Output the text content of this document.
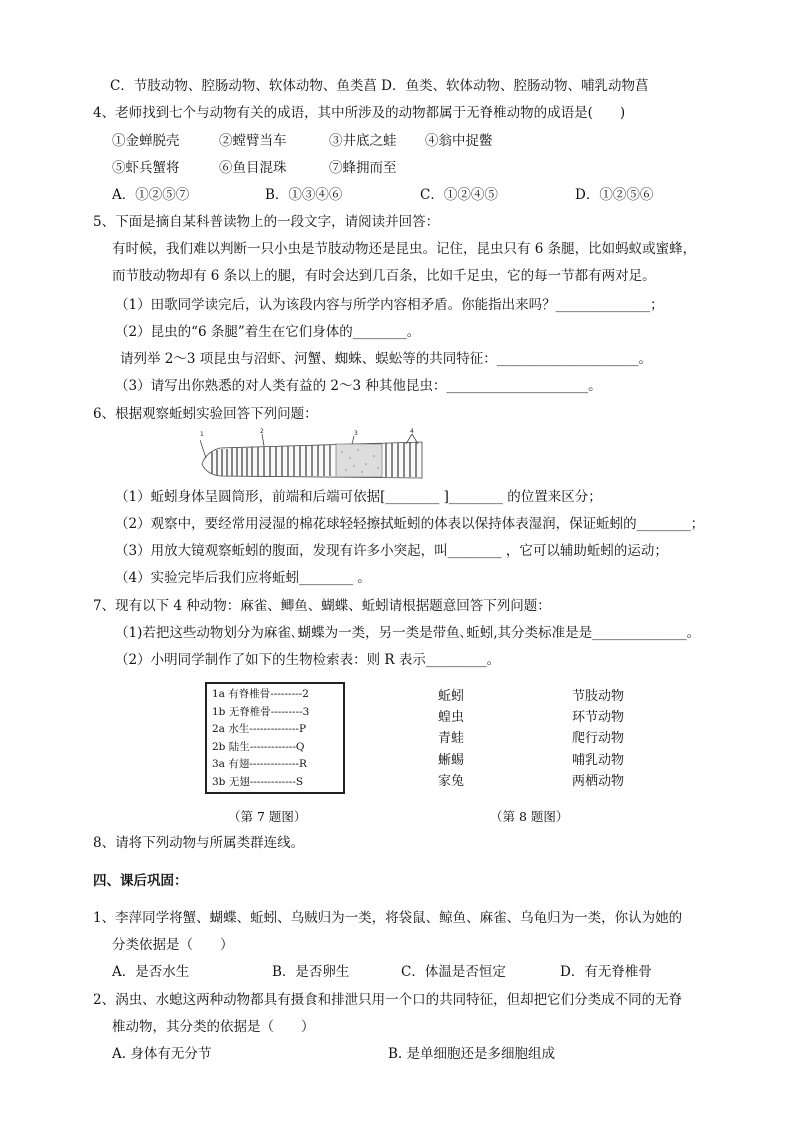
C．节肢动物、腔肠动物、软体动物、鱼类菖 D．鱼类、软体动物、腔肠动物、哺乳动物菖
4、老师找到七个与动物有关的成语，其中所涉及的动物都属于无脊椎动物的成语是(　　)
①金蝉脱壳	②螳臂当车	③井底之蛙 ④翁中捉鳖
⑤虾兵蟹将	⑥鱼目混珠	⑦蜂拥而至
A．①②⑤⑦	B．①③④⑥	C．①②④⑤	D．①②⑤⑥
5、下面是摘自某科普读物上的一段文字，请阅读并回答：
有时候，我们难以判断一只小虫是节肢动物还是昆虫。记住，昆虫只有 6 条腿，比如蚂蚁或蜜蜂，
而节肢动物却有 6 条以上的腿，有时会达到几百条，比如千足虫，它的每一节都有两对足。
（1）田歌同学读完后，认为该段内容与所学内容相矛盾。你能指出来吗？______________；
（2）昆虫的“6 条腿”着生在它们身体的________。
请列举 2～3 项昆虫与沼虾、河蟹、蜘蛛、蜈蚣等的共同特征：_____________________。
（3）请写出你熟悉的对人类有益的 2～3 种其他昆虫：_____________________。
6、根据观察蚯蚓实验回答下列问题：
1	2	3	4
（1）蚯蚓身体呈圆筒形，前端和后端可依据[________ ]________ 的位置来区分；
（2）观察中，要经常用浸湿的棉花球轻轻擦拭蚯蚓的体表以保持体表湿润，保证蚯蚓的________；
（3）用放大镜观察蚯蚓的腹面，发现有许多小突起，叫________ ，它可以辅助蚯蚓的运动；
（4）实验完毕后我们应将蚯蚓________ 。
7、现有以下 4 种动物：麻雀、鲫鱼、蝴蝶、蚯蚓请根据题意回答下列问题：
（1)若把这些动物划分为麻雀､蝴蝶为一类，另一类是带鱼､蚯蚓,其分类标准是是______________。
（2）小明同学制作了如下的生物检索表：则 R 表示_________。
1a 有脊椎骨---------2
1b 无脊椎骨---------3
2a 水生--------------P
2b 陆生-------------Q
3a 有翅--------------R
3b 无翅-------------S
（第 7 题图）
蚯蚓
蝗虫
青蛙
蜥蜴
家兔
节肢动物
环节动物
爬行动物
哺乳动物
两栖动物
（第 8 题图）
8、请将下列动物与所属类群连线。
四、课后巩固：
1、李萍同学将蟹、蝴蝶、蚯蚓、乌贼归为一类，将袋鼠、鲸鱼、麻雀、乌龟归为一类，你认为她的
分类依据是（　　）
A．是否水生	B．是否卵生	C．体温是否恒定	D．有无脊椎骨
2、涡虫、水螅这两种动物都具有摄食和排泄只用一个口的共同特征，但却把它们分类成不同的无脊
椎动物，其分类的依据是（　　）
A. 身体有无分节	B. 是单细胞还是多细胞组成
